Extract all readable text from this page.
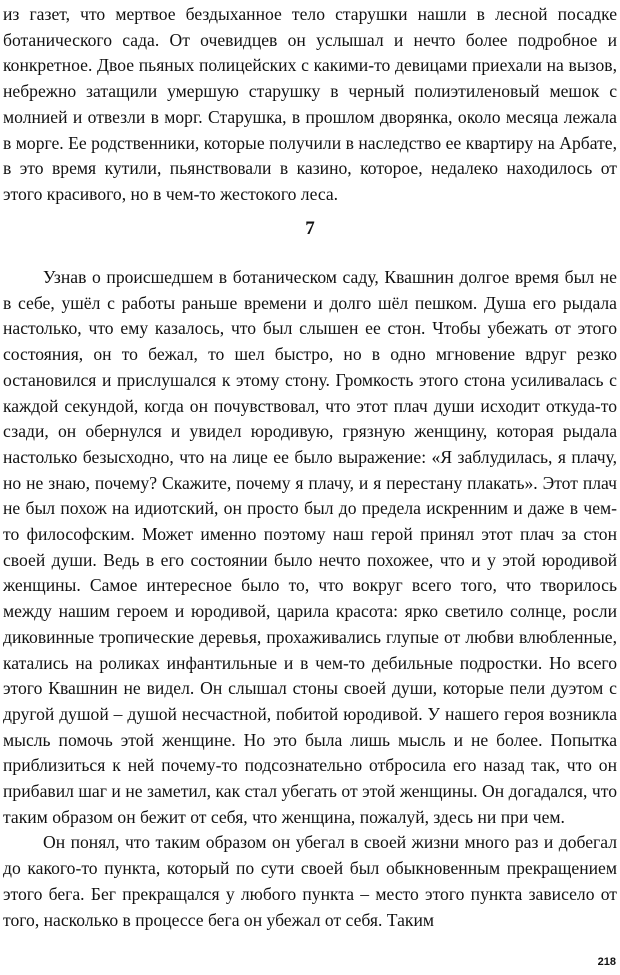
из газет, что мертвое бездыханное тело старушки нашли в лесной посадке ботанического сада. От очевидцев он услышал и нечто более подробное и конкретное. Двое пьяных полицейских с какими-то девицами приехали на вызов, небрежно затащили умершую старушку в черный полиэтиленовый мешок с молнией и отвезли в морг. Старушка, в прошлом дворянка, около месяца лежала в морге. Ее родственники, которые получили в наследство ее квартиру на Арбате, в это время кутили, пьянствовали в казино, которое, недалеко находилось от этого красивого, но в чем-то жестокого леса.

7

Узнав о происшедшем в ботаническом саду, Квашнин долгое время был не в себе, ушёл с работы раньше времени и долго шёл пешком. Душа его рыдала настолько, что ему казалось, что был слышен ее стон. Чтобы убежать от этого состояния, он то бежал, то шел быстро, но в одно мгновение вдруг резко остановился и прислушался к этому стону. Громкость этого стона усиливалась с каждой секундой, когда он почувствовал, что этот плач души исходит откуда-то сзади, он обернулся и увидел юродивую, грязную женщину, которая рыдала настолько безысходно, что на лице ее было выражение: «Я заблудилась, я плачу, но не знаю, почему? Скажите, почему я плачу, и я перестану плакать». Этот плач не был похож на идиотский, он просто был до предела искренним и даже в чем-то философским. Может именно поэтому наш герой принял этот плач за стон своей души. Ведь в его состоянии было нечто похожее, что и у этой юродивой женщины. Самое интересное было то, что вокруг всего того, что творилось между нашим героем и юродивой, царила красота: ярко светило солнце, росли диковинные тропические деревья, прохаживались глупые от любви влюбленные, катались на роликах инфантильные и в чем-то дебильные подростки. Но всего этого Квашнин не видел. Он слышал стоны своей души, которые пели дуэтом с другой душой – душой несчастной, побитой юродивой. У нашего героя возникла мысль помочь этой женщине. Но это была лишь мысль и не более. Попытка приблизиться к ней почему-то подсознательно отбросила его назад так, что он прибавил шаг и не заметил, как стал убегать от этой женщины. Он догадался, что таким образом он бежит от себя, что женщина, пожалуй, здесь ни при чем.

Он понял, что таким образом он убегал в своей жизни много раз и добегал до какого-то пункта, который по сути своей был обыкновенным прекращением этого бега. Бег прекращался у любого пункта – место этого пункта зависело от того, насколько в процессе бега он убежал от себя. Таким

218
